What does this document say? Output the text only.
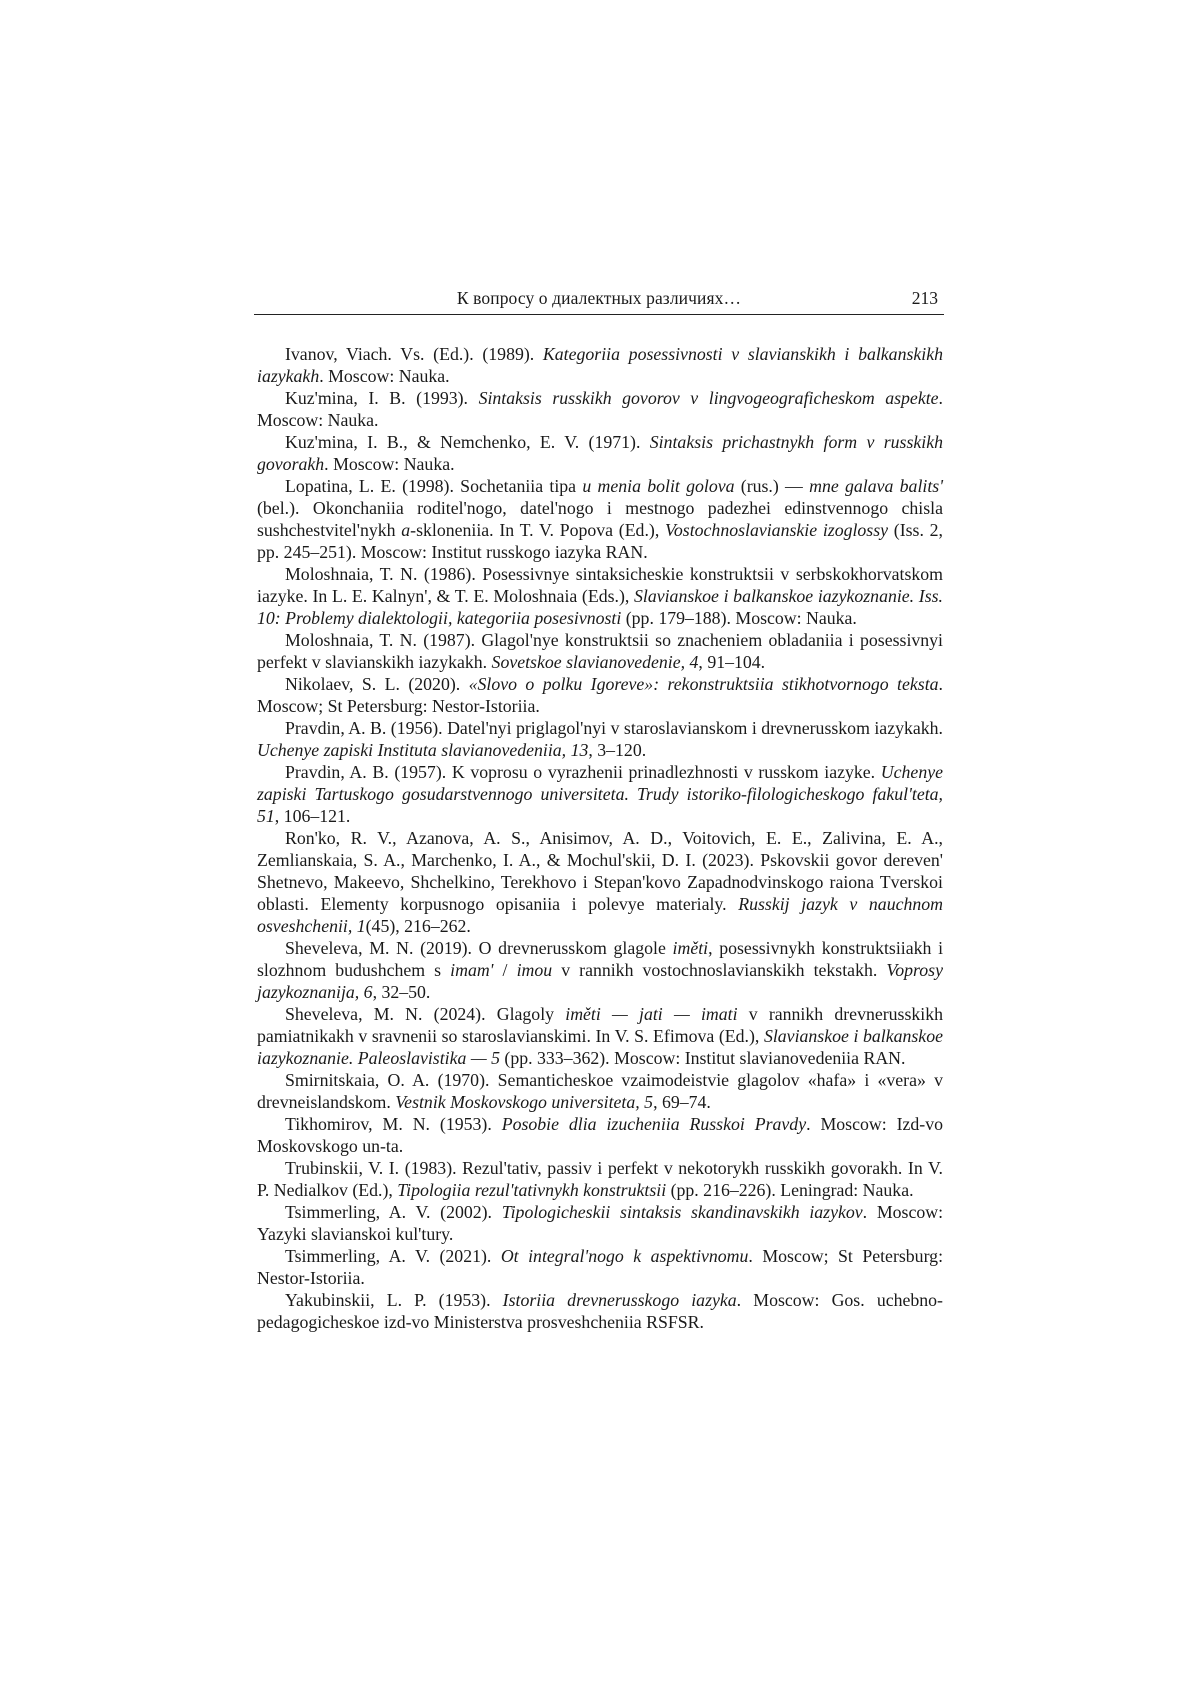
К вопросу о диалектных различиях…	213

Ivanov, Viach. Vs. (Ed.). (1989). Kategoriia posessivnosti v slavianskikh i balkanskikh iazykakh. Moscow: Nauka.

Kuz'mina, I. B. (1993). Sintaksis russkikh govorov v lingvogeograficheskom aspekte. Moscow: Nauka.

Kuz'mina, I. B., & Nemchenko, E. V. (1971). Sintaksis prichastnykh form v russkikh govorakh. Moscow: Nauka.

Lopatina, L. E. (1998). Sochetaniia tipa u menia bolit golova (rus.) — mne galava balits' (bel.). Okonchaniia roditel'nogo, datel'nogo i mestnogo padezhei edinstvennogo chisla sushchestvitel'nykh a-skloneniia. In T. V. Popova (Ed.), Vostochnoslavianskie izoglossy (Iss. 2, pp. 245–251). Moscow: Institut russkogo iazyka RAN.

Moloshnaia, T. N. (1986). Posessivnye sintaksicheskie konstruktsii v serbskokhorvatskom iazyke. In L. E. Kalnyn', & T. E. Moloshnaia (Eds.), Slavianskoe i balkanskoe iazykoznanie. Iss. 10: Problemy dialektologii, kategoriia posesivnosti (pp. 179–188). Moscow: Nauka.

Moloshnaia, T. N. (1987). Glagol'nye konstruktsii so znacheniem obladaniia i posessivnyi perfekt v slavianskikh iazykakh. Sovetskoe slavianovedenie, 4, 91–104.

Nikolaev, S. L. (2020). «Slovo o polku Igoreve»: rekonstruktsiia stikhotvornogo teksta. Moscow; St Petersburg: Nestor-Istoriia.

Pravdin, A. B. (1956). Datel'nyi priglagol'nyi v staroslavianskom i drevnerusskom iazykakh. Uchenye zapiski Instituta slavianovedeniia, 13, 3–120.

Pravdin, A. B. (1957). K voprosu o vyrazhenii prinadlezhnosti v russkom iazyke. Uchenye zapiski Tartuskogo gosudarstvennogo universiteta. Trudy istoriko-filologicheskogo fakul'teta, 51, 106–121.

Ron'ko, R. V., Azanova, A. S., Anisimov, A. D., Voitovich, E. E., Zalivina, E. A., Zemlianskaia, S. A., Marchenko, I. A., & Mochul'skii, D. I. (2023). Pskovskii govor dereven' Shetnevo, Makeevo, Shchelkino, Terekhovo i Stepan'kovo Zapadnodvinskogo raiona Tverskoi oblasti. Elementy korpusnogo opisaniia i polevye materialy. Russkij jazyk v nauchnom osveshchenii, 1(45), 216–262.

Sheveleva, M. N. (2019). O drevnerusskom glagole iměti, posessivnykh konstruktsiiakh i slozhnom budushchem s imam' / imou v rannikh vostochnoslavianskikh tekstakh. Voprosy jazykoznanija, 6, 32–50.

Sheveleva, M. N. (2024). Glagoly iměti — jati — imati v rannikh drevnerusskikh pamiatnikakh v sravnenii so staroslavianskimi. In V. S. Efimova (Ed.), Slavianskoe i balkanskoe iazykoznanie. Paleoslavistika — 5 (pp. 333–362). Moscow: Institut slavianovedeniia RAN.

Smirnitskaia, O. A. (1970). Semanticheskoe vzaimodeistvie glagolov «hafa» i «vera» v drevneislandskom. Vestnik Moskovskogo universiteta, 5, 69–74.

Tikhomirov, M. N. (1953). Posobie dlia izucheniia Russkoi Pravdy. Moscow: Izd-vo Moskovskogo un-ta.

Trubinskii, V. I. (1983). Rezul'tativ, passiv i perfekt v nekotorykh russkikh govorakh. In V. P. Nedialkov (Ed.), Tipologiia rezul'tativnykh konstruktsii (pp. 216–226). Leningrad: Nauka.

Tsimmerling, A. V. (2002). Tipologicheskii sintaksis skandinavskikh iazykov. Moscow: Yazyki slavianskoi kul'tury.

Tsimmerling, A. V. (2021). Ot integral'nogo k aspektivnomu. Moscow; St Petersburg: Nestor-Istoriia.

Yakubinskii, L. P. (1953). Istoriia drevnerusskogo iazyka. Moscow: Gos. uchebno-pedagogicheskoe izd-vo Ministerstva prosveshcheniia RSFSR.
